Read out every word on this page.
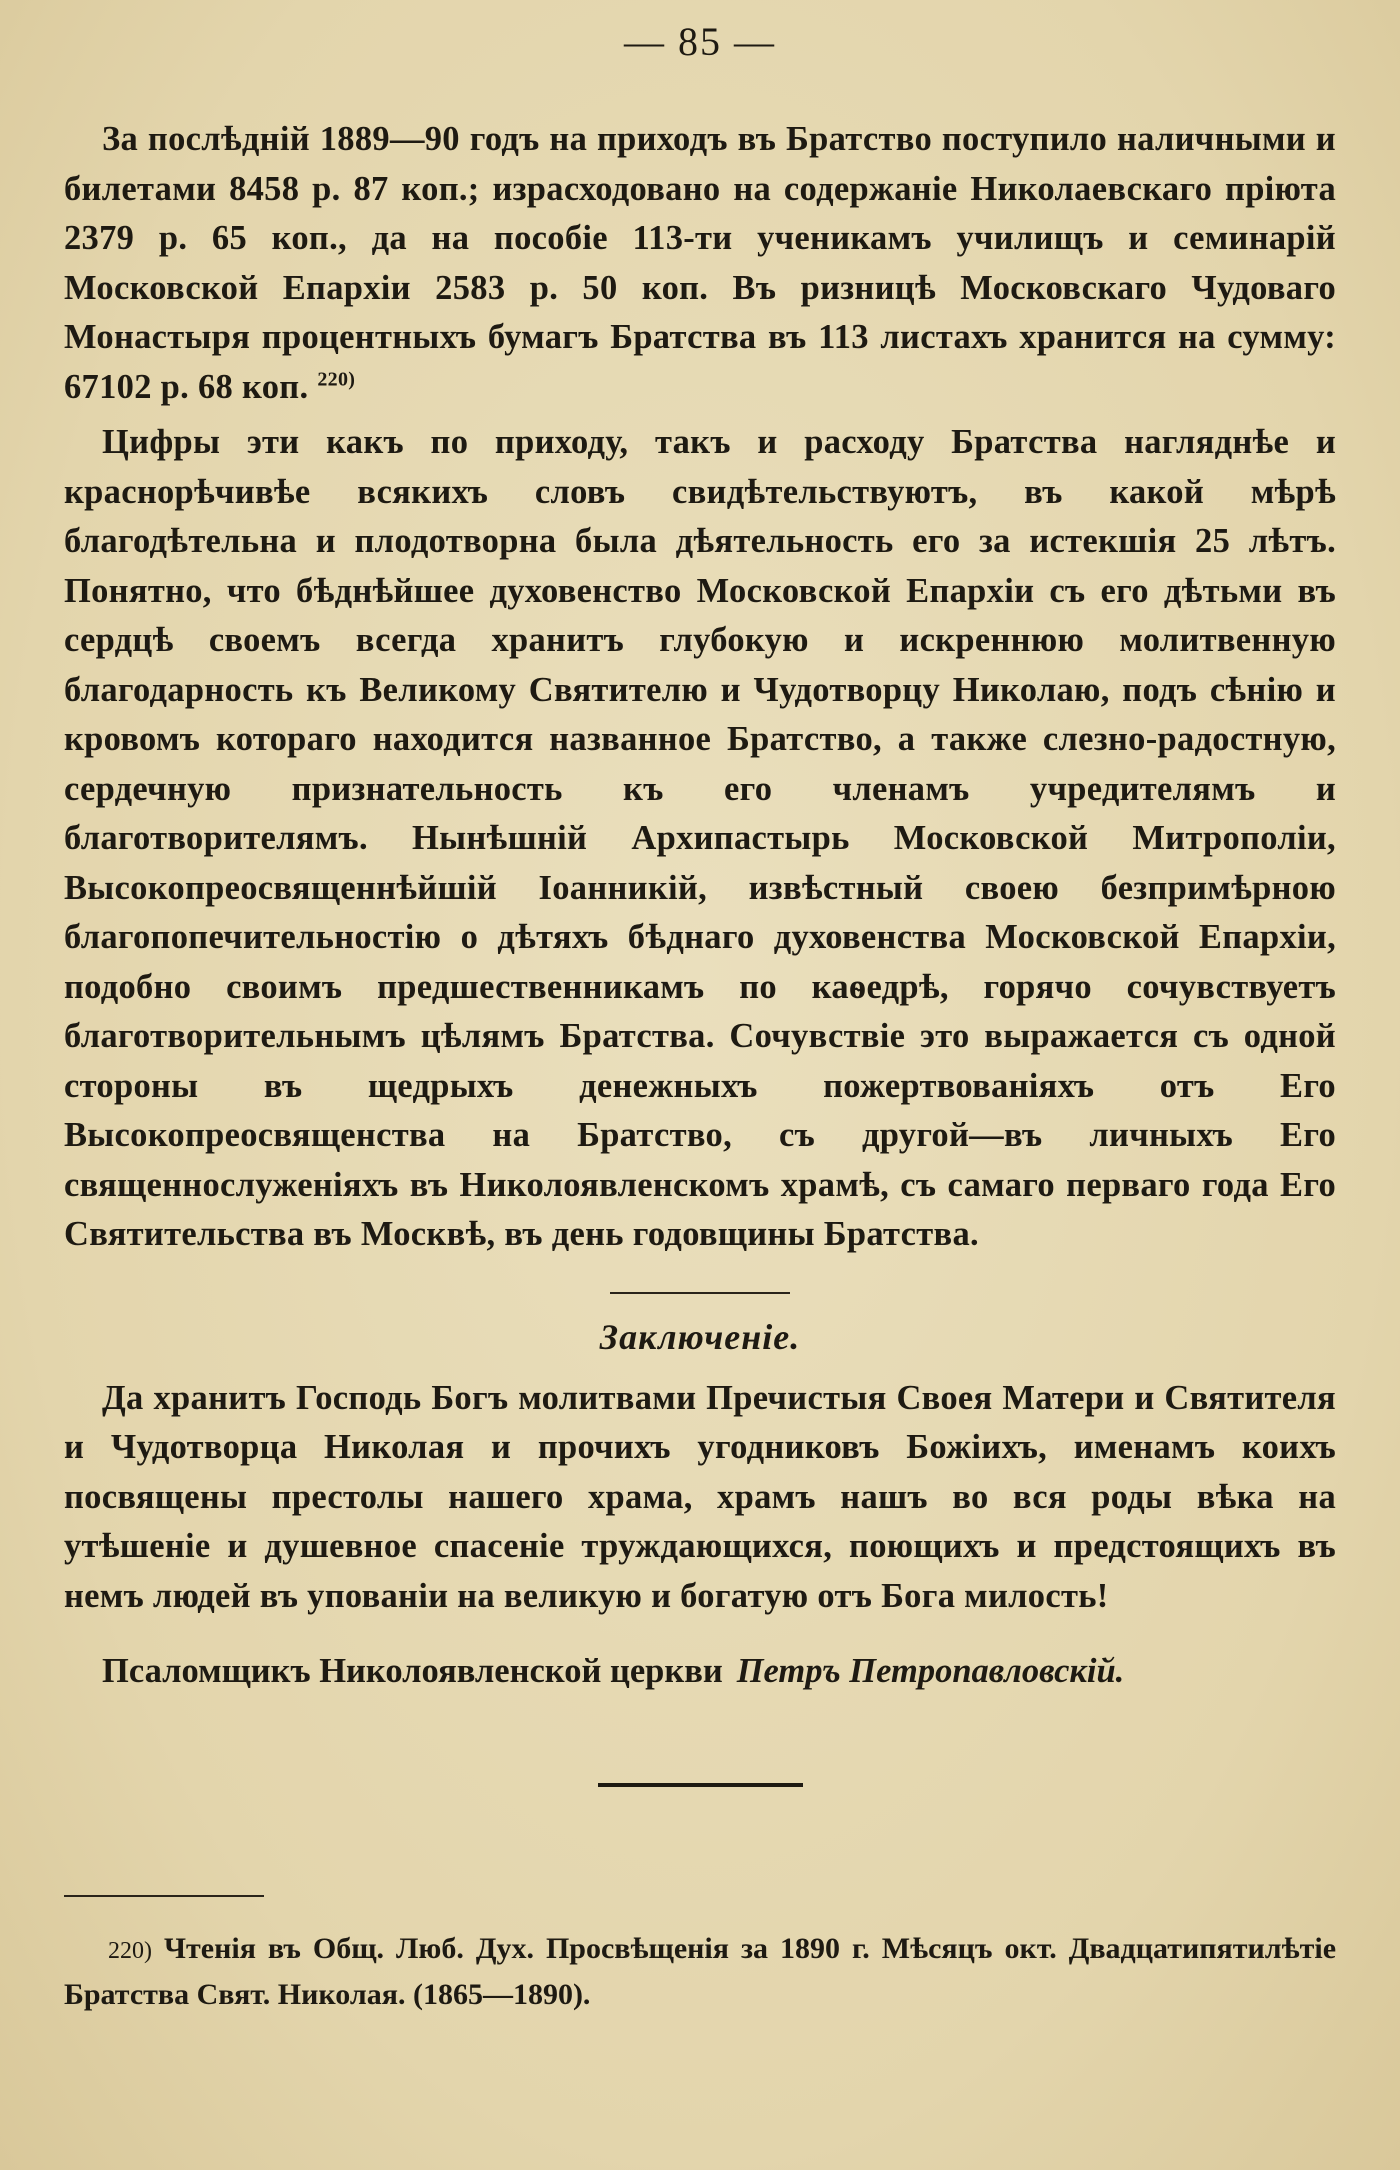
— 85 —

За послѣдній 1889—90 годъ на приходъ въ Братство поступило наличными и билетами 8458 р. 87 коп.; израсходовано на содержаніе Николаевскаго пріюта 2379 р. 65 коп., да на пособіе 113-ти ученикамъ училищъ и семинарій Московской Епархіи 2583 р. 50 коп. Въ ризницѣ Московскаго Чудоваго Монастыря процентныхъ бумагъ Братства въ 113 листахъ хранится на сумму: 67102 р. 68 коп. $^{220)}$

Цифры эти какъ по приходу, такъ и расходу Братства нагляднѣе и краснорѣчивѣе всякихъ словъ свидѣтельствуютъ, въ какой мѣрѣ благодѣтельна и плодотворна была дѣятельность его за истекшія 25 лѣтъ. Понятно, что бѣднѣйшее духовенство Московской Епархіи съ его дѣтьми въ сердцѣ своемъ всегда хранитъ глубокую и искреннюю молитвенную благодарность къ Великому Святителю и Чудотворцу Николаю, подъ сѣнію и кровомъ котораго находится названное Братство, а также слезно-радостную, сердечную признательность къ его членамъ учредителямъ и благотворителямъ. Нынѣшній Архипастырь Московской Митрополіи, Высокопреосвященнѣйшій Іоанникій, извѣстный своею безпримѣрною благопопечительностію о дѣтяхъ бѣднаго духовенства Московской Епархіи, подобно своимъ предшественникамъ по каѳедрѣ, горячо сочувствуетъ благотворительнымъ цѣлямъ Братства. Сочувствіе это выражается съ одной стороны въ щедрыхъ денежныхъ пожертвованіяхъ отъ Его Высокопреосвященства на Братство, съ другой—въ личныхъ Его священнослуженіяхъ въ Николоявленскомъ храмѣ, съ самаго перваго года Его Святительства въ Москвѣ, въ день годовщины Братства.

Заключеніе.

Да хранитъ Господь Богъ молитвами Пречистыя Своея Матери и Святителя и Чудотворца Николая и прочихъ угодниковъ Божіихъ, именамъ коихъ посвящены престолы нашего храма, храмъ нашъ во вся роды вѣка на утѣшеніе и душевное спасеніе труждающихся, поющихъ и предстоящихъ въ немъ людей въ упованіи на великую и богатую отъ Бога милость!

Псаломщикъ Николоявленской церкви Петръ Петропавловскій.

220) Чтенія въ Общ. Люб. Дух. Просвѣщенія за 1890 г. Мѣсяцъ окт. Двадцатипятилѣтіе Братства Свят. Николая. (1865—1890).
